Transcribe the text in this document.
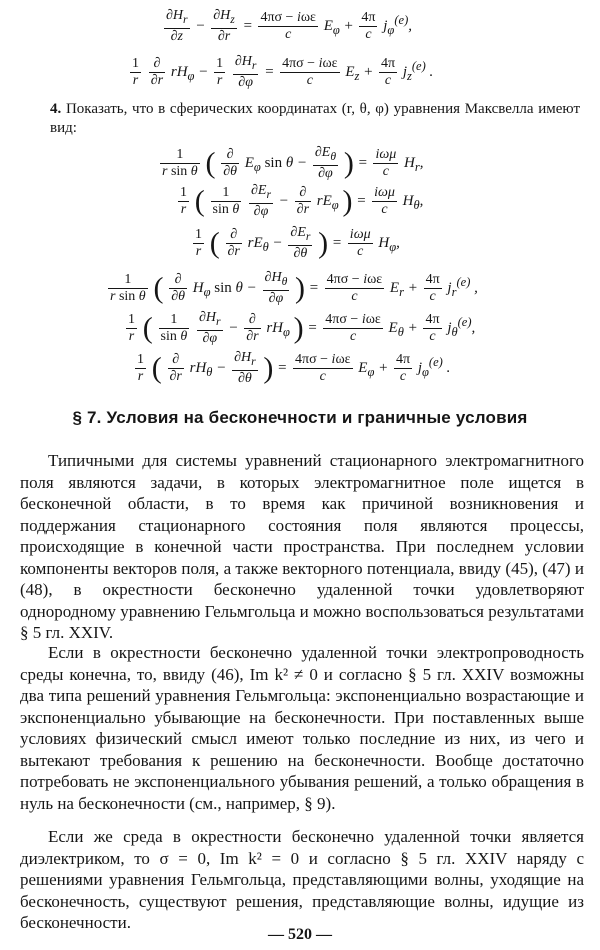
$\frac{\partial H_r}{\partial z} - \frac{\partial H_z}{\partial r} = \frac{\text{4πσ − iωε}}{c} E_\varphi + \frac{4\pi}{c} j_\varphi^{(e)}$,
$\frac{1}{r}$
$\frac{\partial}{\partial r} rH_\varphi - \frac{1}{r}$
$\frac{\partial H_r}{\partial\varphi} = \frac{\text{4πσ − iωε}}{c} E_z + \frac{4\pi}{c} j_z^{(e)}$ .
4. Показать, что в сферических координатах (r, θ, φ) уравнения Максвелла имеют вид:
$\frac{1}{\text{r sin θ}}$ ( $\frac{\partial}{\partial\theta} E_\varphi$ $\sin \theta - \frac{\partial E_\theta}{\partial\varphi}$ ) = $\frac{\text{iωμ}}{c} H_r$,
$\frac{1}{r}$ ( $\frac{1}{\text{sin θ}}$
$\frac{\partial E_r}{\partial\varphi} - \frac{\partial}{\partial r} rE_\varphi$ ) = $\frac{\text{iωμ}}{c} H_\theta$,
$\frac{1}{r}$ ( $\frac{\partial}{\partial r} rE_\theta - \frac{\partial E_r}{\partial\theta}$ ) = $\frac{\text{iωμ}}{c} H_\varphi$,
$\frac{1}{\text{r sin θ}}$ ( $\frac{\partial}{\partial\theta} H_\varphi$ $\sin \theta - \frac{\partial H_\theta}{\partial\varphi}$ ) = $\frac{\text{4πσ − iωε}}{c} E_r + \frac{4\pi}{c} j_r^{(e)}$ ,
$\frac{1}{r}$ ( $\frac{1}{\text{sin θ}}$
$\frac{\partial H_r}{\partial\varphi} - \frac{\partial}{\partial r} rH_\varphi$ ) = $\frac{\text{4πσ − iωε}}{c} E_\theta + \frac{4\pi}{c} j_\theta^{(e)}$,
$\frac{1}{r}$ ( $\frac{\partial}{\partial r} rH_\theta - \frac{\partial H_r}{\partial\theta}$ ) = $\frac{\text{4πσ − iωε}}{c} E_\varphi + \frac{4\pi}{c} j_\varphi^{(e)}$ .
§ 7. Условия на бесконечности и граничные условия
Типичными для системы уравнений стационарного электромагнитного поля являются задачи, в которых электромагнитное поле ищется в бесконечной области, в то время как причиной возникновения и поддержания стационарного состояния поля являются процессы, происходящие в конечной части пространства. При последнем условии компоненты векторов поля, а также векторного потенциала, ввиду (45), (47) и (48), в окрестности бесконечно удаленной точки удовлетворяют однородному уравнению Гельмгольца и можно воспользоваться результатами § 5 гл. XXIV.
Если в окрестности бесконечно удаленной точки электропроводность среды конечна, то, ввиду (46), Im k² ≠ 0 и согласно § 5 гл. XXIV возможны два типа решений уравнения Гельмгольца: экспоненциально возрастающие и экспоненциально убывающие на бесконечности. При поставленных выше условиях физический смысл имеют только последние из них, из чего и вытекают требования к решению на бесконечности. Вообще достаточно потребовать не экспоненциального убывания решений, а только обращения в нуль на бесконечности (см., например, § 9).
Если же среда в окрестности бесконечно удаленной точки является диэлектриком, то σ = 0, Im k² = 0 и согласно § 5 гл. XXIV наряду с решениями уравнения Гельмгольца, представляющими волны, уходящие на бесконечность, существуют решения, представляющие волны, идущие из бесконечности.
— 520 —
